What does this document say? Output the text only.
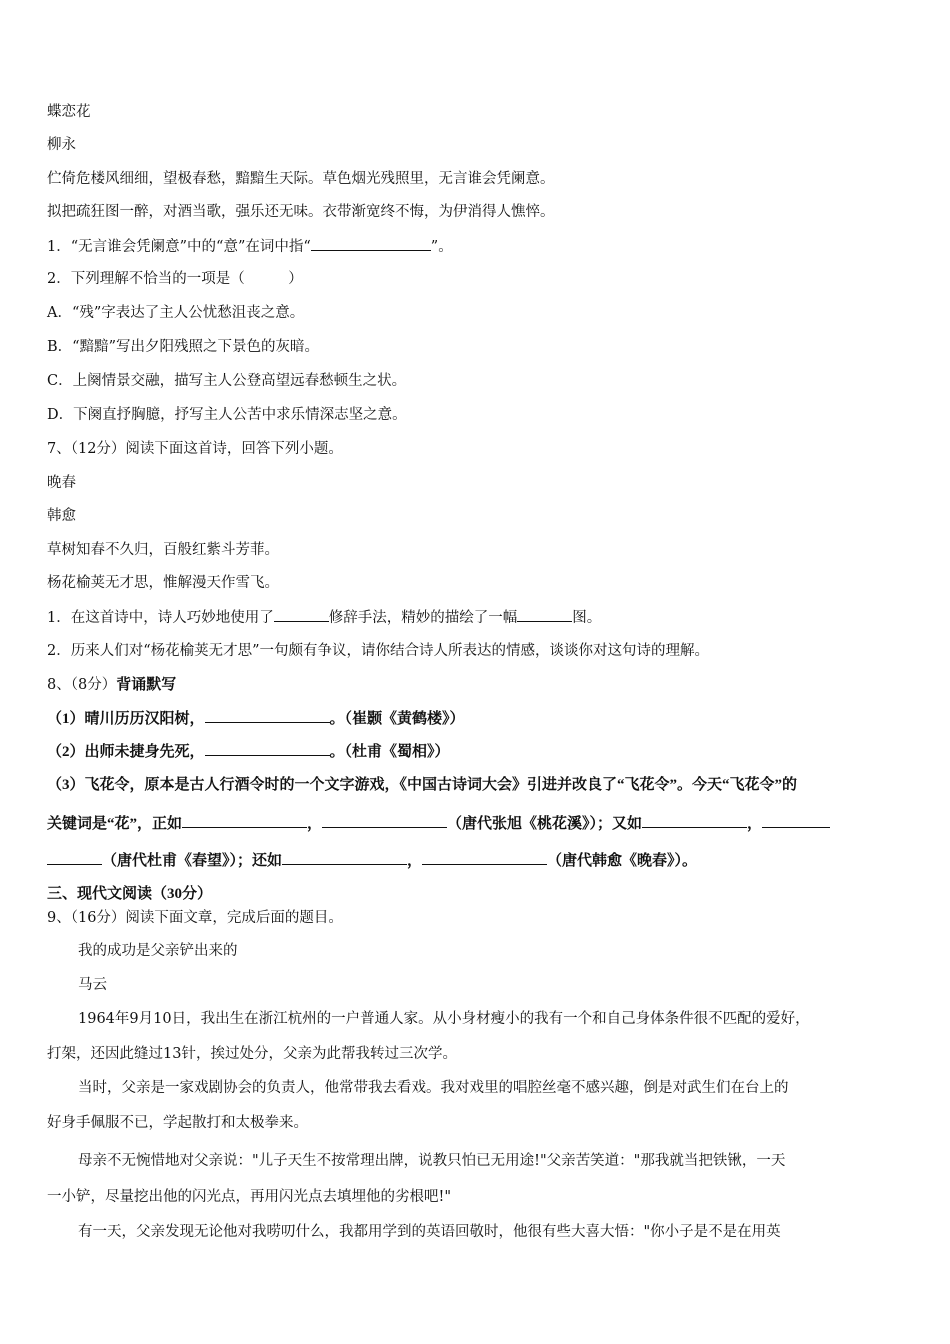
蝶恋花
柳永
伫倚危楼风细细，望极春愁，黯黯生天际。草色烟光残照里，无言谁会凭阑意。
拟把疏狂图一醉，对酒当歌，强乐还无味。衣带渐宽终不悔，为伊消得人憔悴。
1．“无言谁会凭阑意”中的“意”在词中指“	”。
2．下列理解不恰当的一项是（　　　）
A．“残”字表达了主人公忧愁沮丧之意。
B．“黯黯”写出夕阳残照之下景色的灰暗。
C．上阕情景交融，描写主人公登高望远春愁顿生之状。
D．下阕直抒胸臆，抒写主人公苦中求乐情深志坚之意。
7、（12分）阅读下面这首诗，回答下列小题。
晚春
韩愈
草树知春不久归，百般红紫斗芳菲。
杨花榆荚无才思，惟解漫天作雪飞。
1．在这首诗中，诗人巧妙地使用了	修辞手法，精妙的描绘了一幅	图。
2．历来人们对“杨花榆荚无才思”一句颇有争议，请你结合诗人所表达的情感，谈谈你对这句诗的理解。
8、（8分）背诵默写
（1）晴川历历汉阳树，	。（崔颢《黄鹤楼》）
（2）出师未捷身先死，	。（杜甫《蜀相》）
（3）飞花令，原本是古人行酒令时的一个文字游戏，《中国古诗词大会》引进并改良了“飞花令”。今天“飞花令”的
关键词是“花”，正如	，	（唐代张旭《桃花溪》）；又如	，
（唐代杜甫《春望》）；还如	，	（唐代韩愈《晚春》）。
三、现代文阅读（30分）
9、（16分）阅读下面文章，完成后面的题目。
我的成功是父亲铲出来的
马云
1964年9月10日，我出生在浙江杭州的一户普通人家。从小身材瘦小的我有一个和自己身体条件很不匹配的爱好，
打架，还因此缝过13针，挨过处分，父亲为此帮我转过三次学。
当时，父亲是一家戏剧协会的负责人，他常带我去看戏。我对戏里的唱腔丝毫不感兴趣，倒是对武生们在台上的
好身手佩服不已，学起散打和太极拳来。
母亲不无惋惜地对父亲说："儿子天生不按常理出牌，说教只怕已无用途!"父亲苦笑道："那我就当把铁锹，一天
一小铲，尽量挖出他的闪光点，再用闪光点去填埋他的劣根吧!"
有一天，父亲发现无论他对我唠叨什么，我都用学到的英语回敬时，他很有些大喜大悟："你小子是不是在用英
